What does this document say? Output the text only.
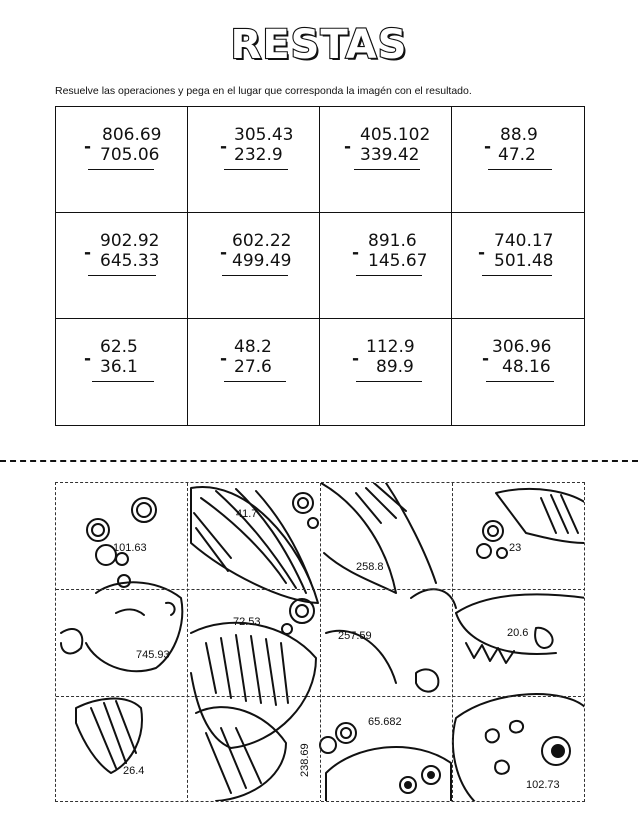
RESTAS
Resuelve las operaciones y pega en el lugar que corresponda la imagén con el resultado.
806.69
- 705.06
305.43
- 232.9
405.102
- 339.42
88.9
- 47.2
902.92
- 645.33
602.22
- 499.49
891.6
- 145.67
740.17
- 501.48
62.5
- 36.1
48.2
- 27.6
112.9
- 89.9
306.96
- 48.16
101.63
41.7
258.8
23
745.93
72.53
257.59	20.6
26.4	238.69
65.682
102.73
